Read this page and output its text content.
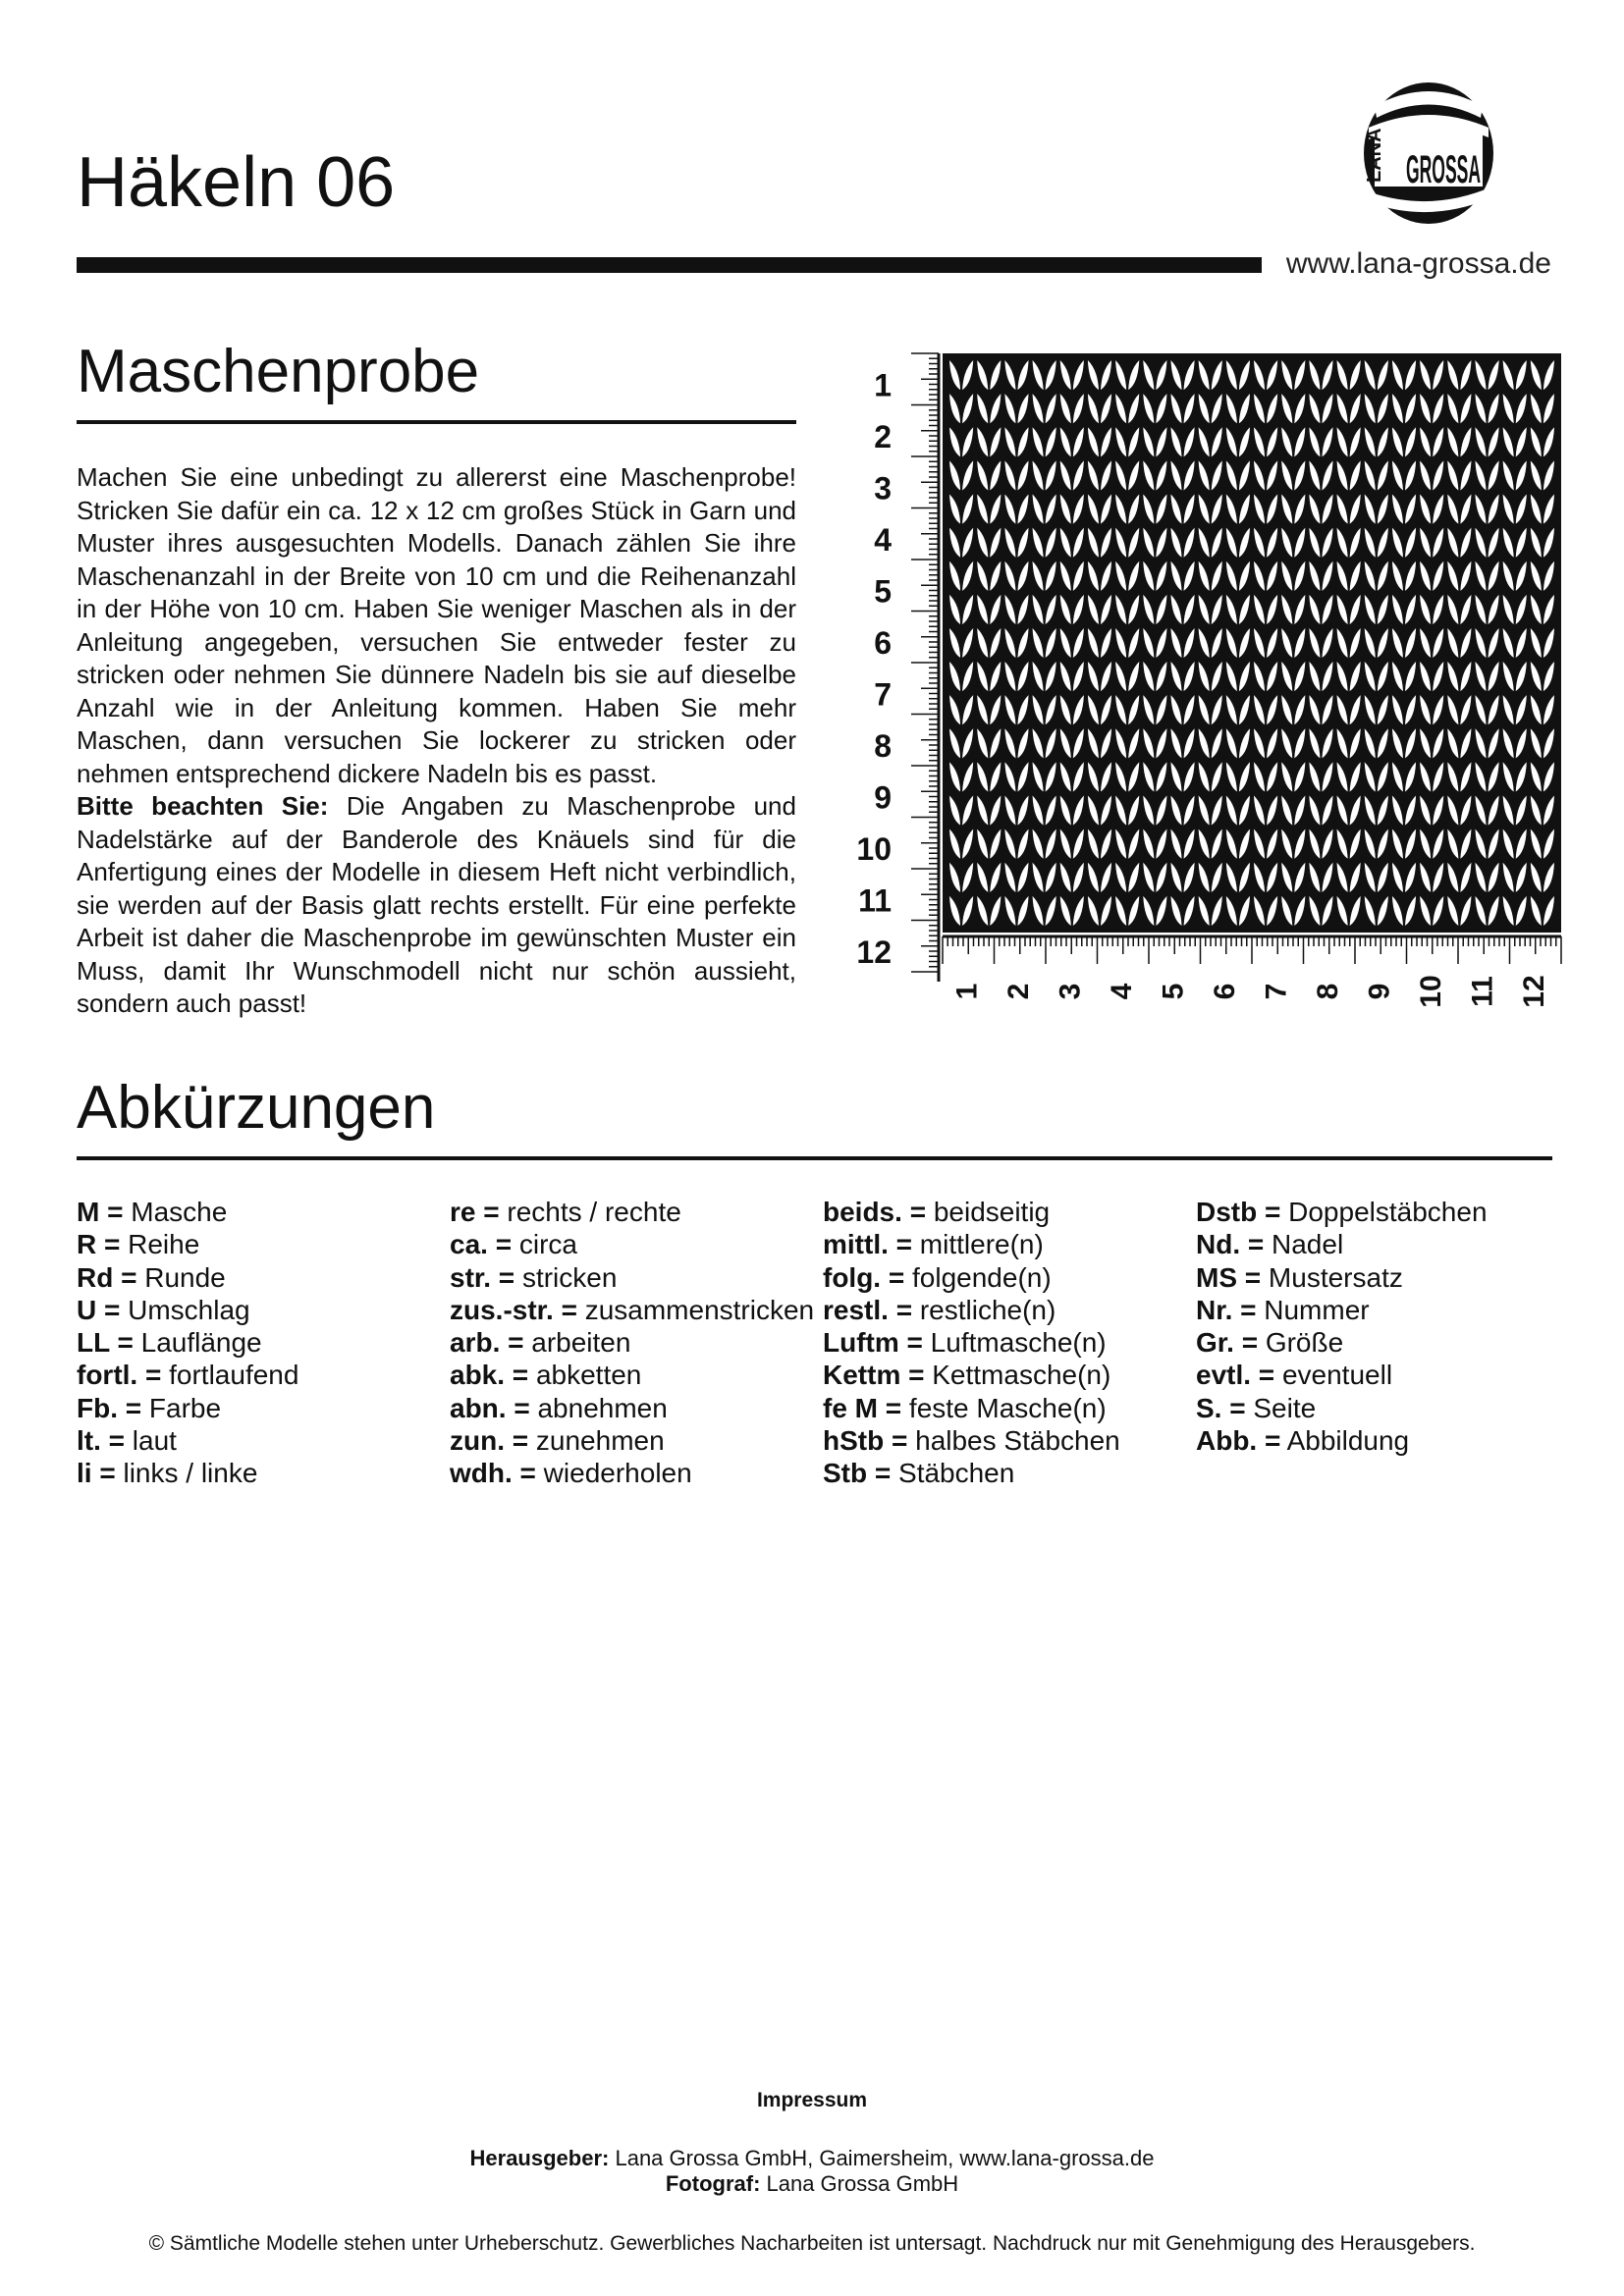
Häkeln 06
www.lana-grossa.de
LANA GROSSA
Maschenprobe

Machen Sie eine unbedingt zu allererst eine Maschenprobe! Stricken Sie dafür ein ca. 12 x 12 cm großes Stück in Garn und Muster ihres ausgesuchten Modells. Danach zählen Sie ihre Maschenanzahl in der Breite von 10 cm und die Reihenanzahl in der Höhe von 10 cm. Haben Sie weniger Maschen als in der Anleitung angegeben, versuchen Sie entweder fester zu stricken oder nehmen Sie dünnere Nadeln bis sie auf dieselbe Anzahl wie in der Anleitung kommen. Haben Sie mehr Maschen, dann versuchen Sie lockerer zu stricken oder nehmen entsprechend dickere Nadeln bis es passt.
Bitte beachten Sie: Die Angaben zu Maschenprobe und Nadelstärke auf der Banderole des Knäuels sind für die Anfertigung eines der Modelle in diesem Heft nicht verbindlich, sie werden auf der Basis glatt rechts erstellt. Für eine perfekte Arbeit ist daher die Maschenprobe im gewünschten Muster ein Muss, damit Ihr Wunschmodell nicht nur schön aussieht, sondern auch passt!

1
2
3
4
5
6
7
8
9
10
11
12
1 2 3 4 5 6 7 8 9 10 11 12
Abkürzungen
M = Masche
R = Reihe
Rd = Runde
U = Umschlag
LL = Lauflänge
fortl. = fortlaufend
Fb. = Farbe
lt. = laut
li = links / linke
re = rechts / rechte
ca. = circa
str. = stricken
zus.-str. = zusammenstricken
arb. = arbeiten
abk. = abketten
abn. = abnehmen
zun. = zunehmen
wdh. = wiederholen
beids. = beidseitig
mittl. = mittlere(n)
folg. = folgende(n)
restl. = restliche(n)
Luftm = Luftmasche(n)
Kettm = Kettmasche(n)
fe M = feste Masche(n)
hStb = halbes Stäbchen
Stb = Stäbchen
Dstb = Doppelstäbchen
Nd. = Nadel
MS = Mustersatz
Nr. = Nummer
Gr. = Größe
evtl. = eventuell
S. = Seite
Abb. = Abbildung
Impressum
Herausgeber: Lana Grossa GmbH, Gaimersheim, www.lana-grossa.de
Fotograf: Lana Grossa GmbH
© Sämtliche Modelle stehen unter Urheberschutz. Gewerbliches Nacharbeiten ist untersagt. Nachdruck nur mit Genehmigung des Herausgebers.
